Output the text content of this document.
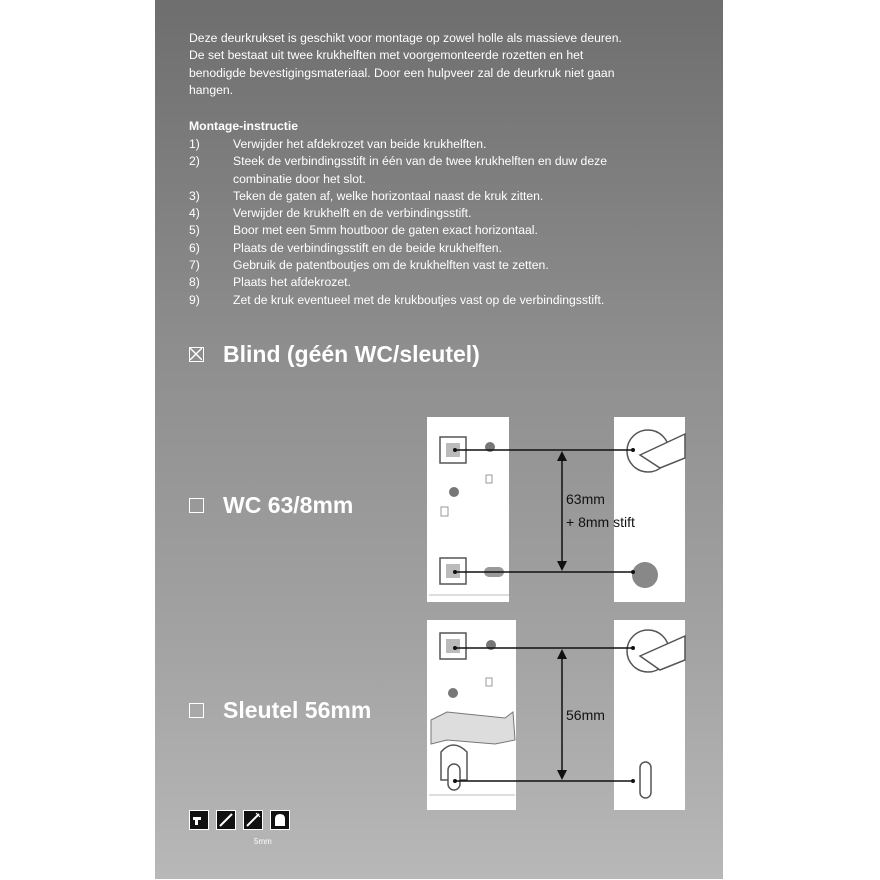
Deze deurkrukset is geschikt voor montage op zowel holle als massieve deuren.

De set bestaat uit twee krukhelften met voorgemonteerde rozetten en het

benodigde bevestigingsmateriaal. Door een hulpveer zal de deurkruk niet gaan

hangen.

Montage-instructie
1)	Verwijder het afdekrozet van beide krukhelften.
2)	Steek de verbindingsstift in één van de twee krukhelften en duw deze
combinatie door het slot.
3)	Teken de gaten af, welke horizontaal naast de kruk zitten.
4)	Verwijder de krukhelft en de verbindingsstift.
5)	Boor met een 5mm houtboor de gaten exact horizontaal.
6)	Plaats de verbindingsstift en de beide krukhelften.
7)	Gebruik de patentboutjes om de krukhelften vast te zetten.
8)	Plaats het afdekrozet.
9)	Zet de kruk eventueel met de krukboutjes vast op de verbindingsstift.
Blind (géén WC/sleutel)
WC 63/8mm
Sleutel 56mm
63mm
+ 8mm stift
56mm
5mm
